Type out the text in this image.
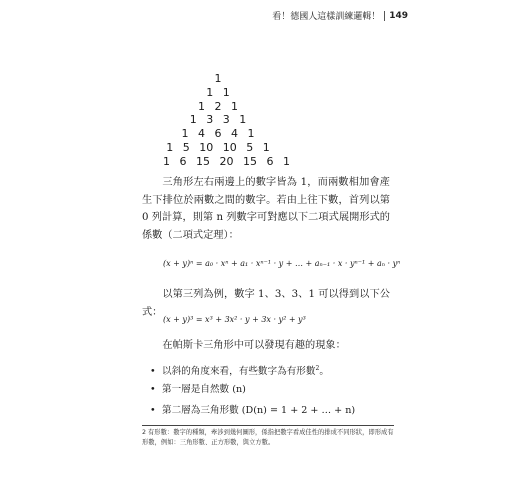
看！德國人這樣訓練邏輯！ 149
1
1 1
1 2 1
1 3 3 1
1 4 6 4 1
1 5 10 10 5 1
1 6 15 20 15 6 1

三角形左右兩邊上的數字皆為 1，而兩數相加會產生下排位於兩數之間的數字。若由上往下數，首列以第 0 列計算，則第 n 列數字可對應以下二項式展開形式的係數（二項式定理）：

(x + y)ⁿ = a₀ · xⁿ + a₁ · xⁿ⁻¹ · y + … + aₙ₋₁ · x · yⁿ⁻¹ + aₙ · yⁿ

以第三列為例，數字 1、3、3、1 可以得到以下公式：

(x + y)³ = x³ + 3x² · y + 3x · y² + y³

在帕斯卡三角形中可以發現有趣的現象：

• 以斜的角度來看，有些數字為有形數$^2$。
• 第一層是自然數 (n)
• 第二層為三角形數 (D(n) = 1 + 2 + … + n)
2 有形數：數字的種類，牽涉到幾何圖形，係指把數字看成佳性的排成不同形狀，即形成有形數，例如：三角形數、正方形數，與立方數。
